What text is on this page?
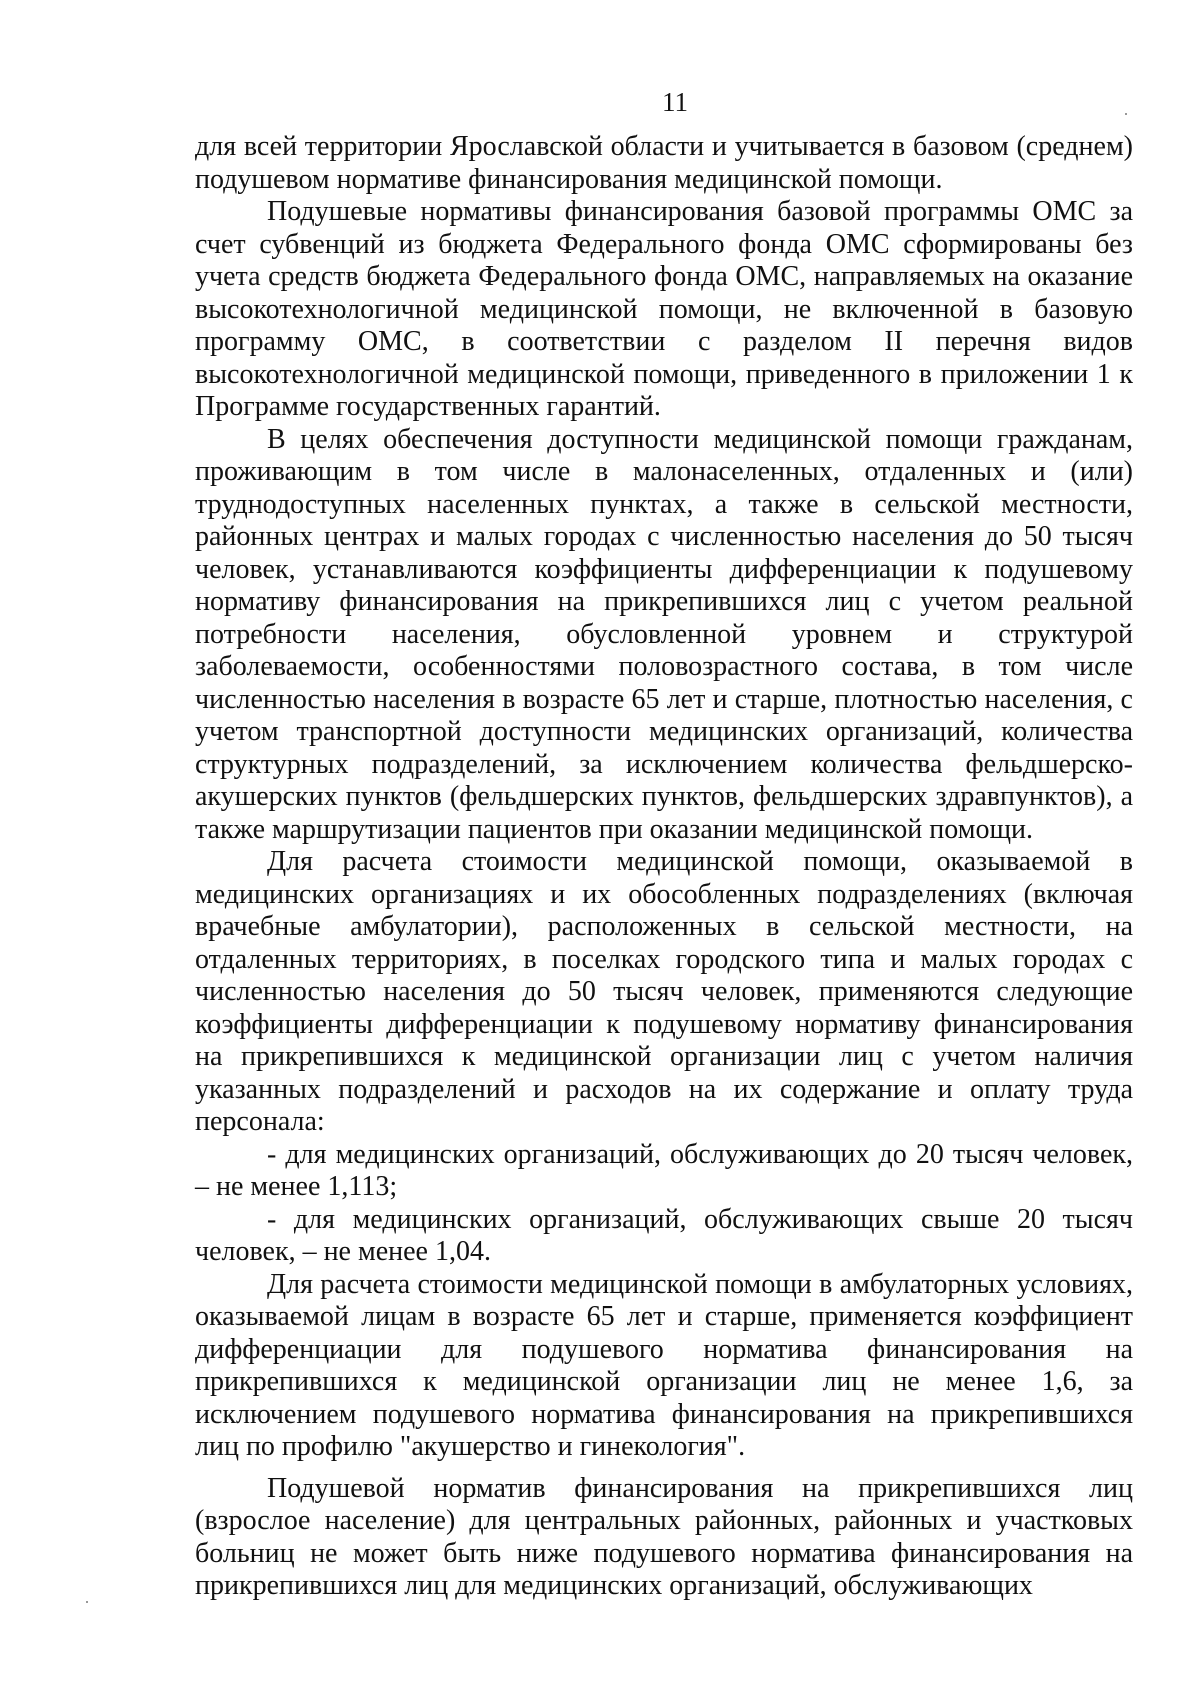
11

для всей территории Ярославской области и учитывается в базовом (среднем) подушевом нормативе финансирования медицинской помощи.

Подушевые нормативы финансирования базовой программы ОМС за счет субвенций из бюджета Федерального фонда ОМС сформированы без учета средств бюджета Федерального фонда ОМС, направляемых на оказание высокотехнологичной медицинской помощи, не включенной в базовую программу ОМС, в соответствии с разделом II перечня видов высокотехнологичной медицинской помощи, приведенного в приложении 1 к Программе государственных гарантий.

В целях обеспечения доступности медицинской помощи гражданам, проживающим в том числе в малонаселенных, отдаленных и (или) труднодоступных населенных пунктах, а также в сельской местности, районных центрах и малых городах с численностью населения до 50 тысяч человек, устанавливаются коэффициенты дифференциации к подушевому нормативу финансирования на прикрепившихся лиц с учетом реальной потребности населения, обусловленной уровнем и структурой заболеваемости, особенностями половозрастного состава, в том числе численностью населения в возрасте 65 лет и старше, плотностью населения, с учетом транспортной доступности медицинских организаций, количества структурных подразделений, за исключением количества фельдшерско-акушерских пунктов (фельдшерских пунктов, фельдшерских здравпунктов), а также маршрутизации пациентов при оказании медицинской помощи.

Для расчета стоимости медицинской помощи, оказываемой в медицинских организациях и их обособленных подразделениях (включая врачебные амбулатории), расположенных в сельской местности, на отдаленных территориях, в поселках городского типа и малых городах с численностью населения до 50 тысяч человек, применяются следующие коэффициенты дифференциации к подушевому нормативу финансирования на прикрепившихся к медицинской организации лиц с учетом наличия указанных подразделений и расходов на их содержание и оплату труда персонала:

- для медицинских организаций, обслуживающих до 20 тысяч человек, – не менее 1,113;

- для медицинских организаций, обслуживающих свыше 20 тысяч человек, – не менее 1,04.

Для расчета стоимости медицинской помощи в амбулаторных условиях, оказываемой лицам в возрасте 65 лет и старше, применяется коэффициент дифференциации для подушевого норматива финансирования на прикрепившихся к медицинской организации лиц не менее 1,6, за исключением подушевого норматива финансирования на прикрепившихся лиц по профилю "акушерство и гинекология".

Подушевой норматив финансирования на прикрепившихся лиц (взрослое население) для центральных районных, районных и участковых больниц не может быть ниже подушевого норматива финансирования на прикрепившихся лиц для медицинских организаций, обслуживающих
